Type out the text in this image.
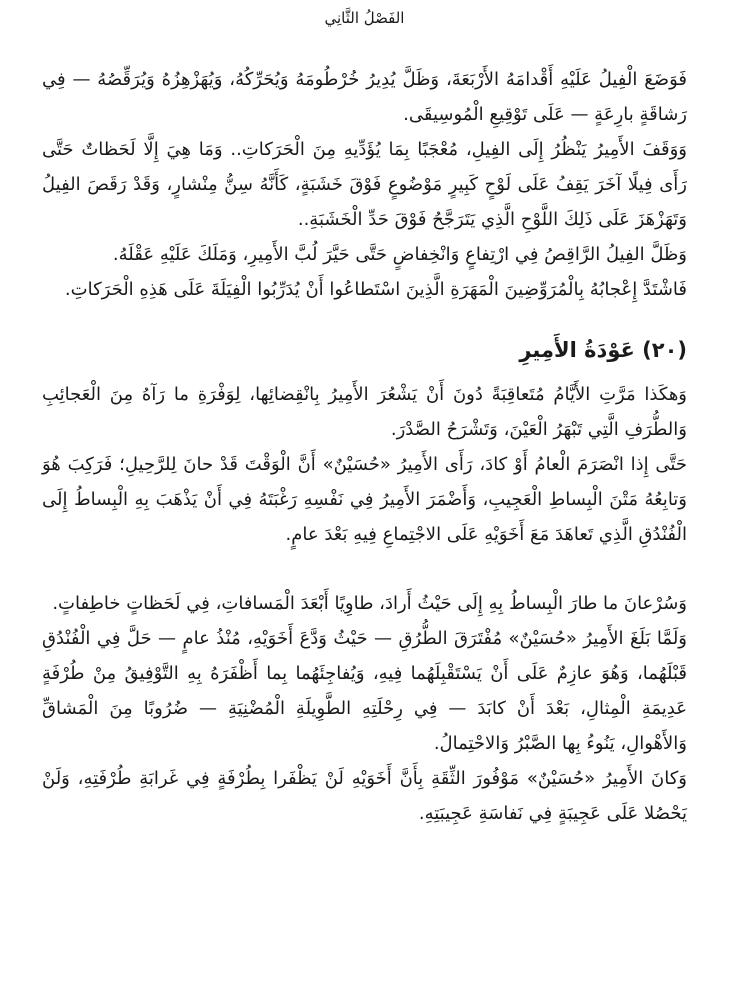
الفَصْلُ الثَّانِي

فَوَضَعَ الْفِيلُ عَلَيْهِ أَقْدامَهُ الأَرْبَعَةَ، وَظَلَّ يُدِيرُ خُرْطُومَهُ وَيُحَرِّكُهُ، وَيُهَزْهِزُهُ وَيُرَقِّصُهُ — فِي رَشاقَةٍ بارِعَةٍ — عَلَى تَوْقِيعِ الْمُوسِيقَى.

وَوَقَفَ الأَمِيرُ يَنْظُرُ إِلَى الفِيلِ، مُعْجَبًا بِمَا يُؤَدِّيهِ مِنَ الْحَرَكاتِ.. وَمَا هِيَ إِلَّا لَحَظاتٌ حَتَّى رَأَى فِيلًا آخَرَ يَقِفُ عَلَى لَوْحٍ كَبِيرٍ مَوْضُوعٍ فَوْقَ خَشَبَةٍ، كَأَنَّهُ سِنُّ مِنْشارٍ، وَقَدْ رَقَصَ الفِيلُ وَتَهَزْهَزَ عَلَى ذَلِكَ اللَّوْحِ الَّذِي يَتَرَجَّحُ فَوْقَ حَدِّ الْخَشَبَةِ..

وَظَلَّ الفِيلُ الرَّاقِصُ فِي ارْتِفاعٍ وَانْخِفاضٍ حَتَّى حَيَّرَ لُبَّ الأَمِيرِ، وَمَلَكَ عَلَيْهِ عَقْلَهُ.

فَاشْتَدَّ إِعْجابُهُ بِالْمُرَوِّضِينَ الْمَهَرَةِ الَّذِينَ اسْتَطاعُوا أَنْ يُدَرِّبُوا الْفِيَلَةَ عَلَى هَذِهِ الْحَرَكاتِ.

(٢٠) عَوْدَةُ الأَمِيرِ

وَهكَذا مَرَّتِ الأَيَّامُ مُتَعاقِبَةً دُونَ أَنْ يَشْعُرَ الأَمِيرُ بِانْقِضائِها، لِوَفْرَةِ ما رَآهُ مِنَ الْعَجائِبِ وَالطُّرَفِ الَّتِي تَبْهَرُ الْعَيْنَ، وَتَشْرَحُ الصَّدْرَ.

حَتَّى إِذا انْصَرَمَ الْعامُ أَوْ كادَ، رَأَى الأَمِيرُ «حُسَيْنٌ» أَنَّ الْوَقْتَ قَدْ حانَ لِلرَّحِيلِ؛ فَرَكِبَ هُوَ وَتابِعُهُ مَتْنَ الْبِساطِ الْعَجِيبِ، وَأَضْمَرَ الأَمِيرُ فِي نَفْسِهِ رَغْبَتَهُ فِي أَنْ يَذْهَبَ بِهِ الْبِساطُ إِلَى الْفُنْدُقِ الَّذِي تَعاهَدَ مَعَ أَخَوَيْهِ عَلَى الاجْتِماعِ فِيهِ بَعْدَ عامٍ.

وَسُرْعانَ ما طارَ الْبِساطُ بِهِ إِلَى حَيْثُ أَرادَ، طاوِيًا أَبْعَدَ الْمَسافاتِ، فِي لَحَظاتٍ خاطِفاتٍ.

وَلَمَّا بَلَغَ الأَمِيرُ «حُسَيْنٌ» مُفْتَرَقَ الطُّرُقِ — حَيْثُ وَدَّعَ أَخَوَيْهِ، مُنْذُ عامٍ — حَلَّ فِي الْفُنْدُقِ قَبْلَهُما، وَهُوَ عازِمٌ عَلَى أَنْ يَسْتَقْبِلَهُما فِيهِ، وَيُفاجِئَهُما بِما أَظْفَرَهُ بِهِ التَّوْفِيقُ مِنْ طُرْفَةٍ عَدِيمَةِ الْمِثالِ، بَعْدَ أَنْ كابَدَ — فِي رِحْلَتِهِ الطَّوِيلَةِ الْمُضْنِيَةِ — ضُرُوبًا مِنَ الْمَشاقِّ وَالأَهْوالِ، يَنُوءُ بِها الصَّبْرُ وَالاحْتِمالُ.

وَكانَ الأَمِيرُ «حُسَيْنٌ» مَوْفُورَ الثِّقَةِ بِأَنَّ أَخَوَيْهِ لَنْ يَظْفَرا بِطُرْفَةٍ فِي غَرابَةِ طُرْفَتِهِ، وَلَنْ يَحْصُلا عَلَى عَجِيبَةٍ فِي نَفاسَةِ عَجِيبَتِهِ.
